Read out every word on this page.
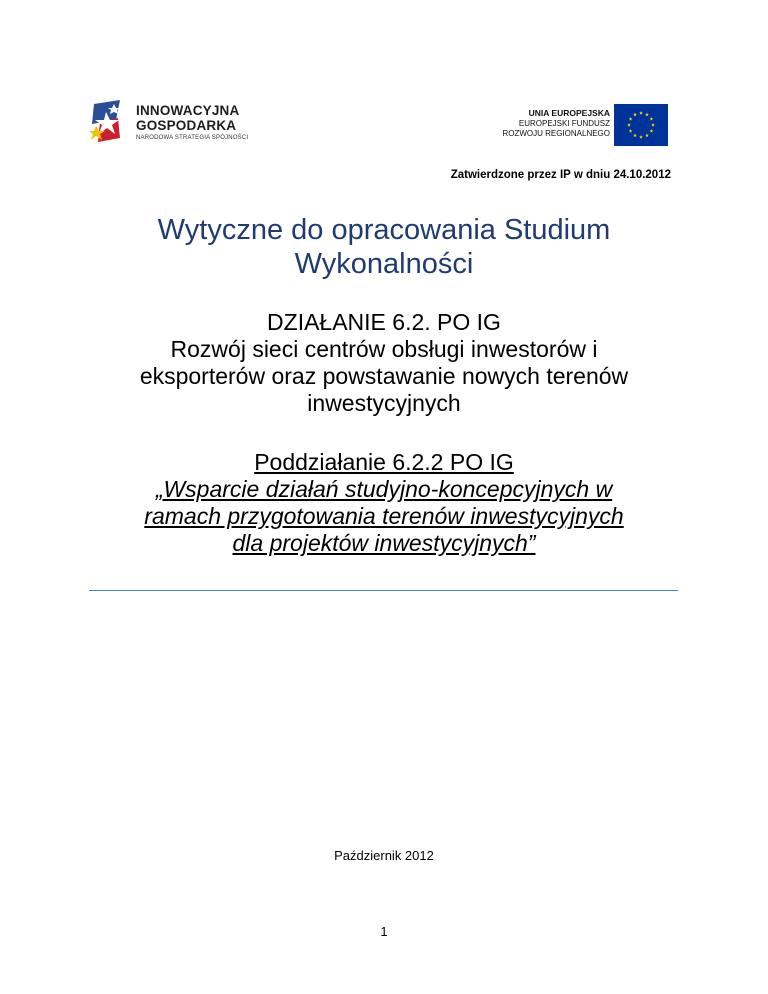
INNOWACYJNA
GOSPODARKA
NARODOWA STRATEGIA SPÓJNOŚCI
UNIA EUROPEJSKA
EUROPEJSKI FUNDUSZ
ROZWOJU REGIONALNEGO
Zatwierdzone przez IP w dniu 24.10.2012
Wytyczne do opracowania Studium
Wykonalności
DZIAŁANIE 6.2. PO IG
Rozwój sieci centrów obsługi inwestorów i
eksporterów oraz powstawanie nowych terenów
inwestycyjnych
Poddziałanie 6.2.2 PO IG
„Wsparcie działań studyjno-koncepcyjnych w
ramach przygotowania terenów inwestycyjnych
dla projektów inwestycyjnych”
Październik 2012
1
